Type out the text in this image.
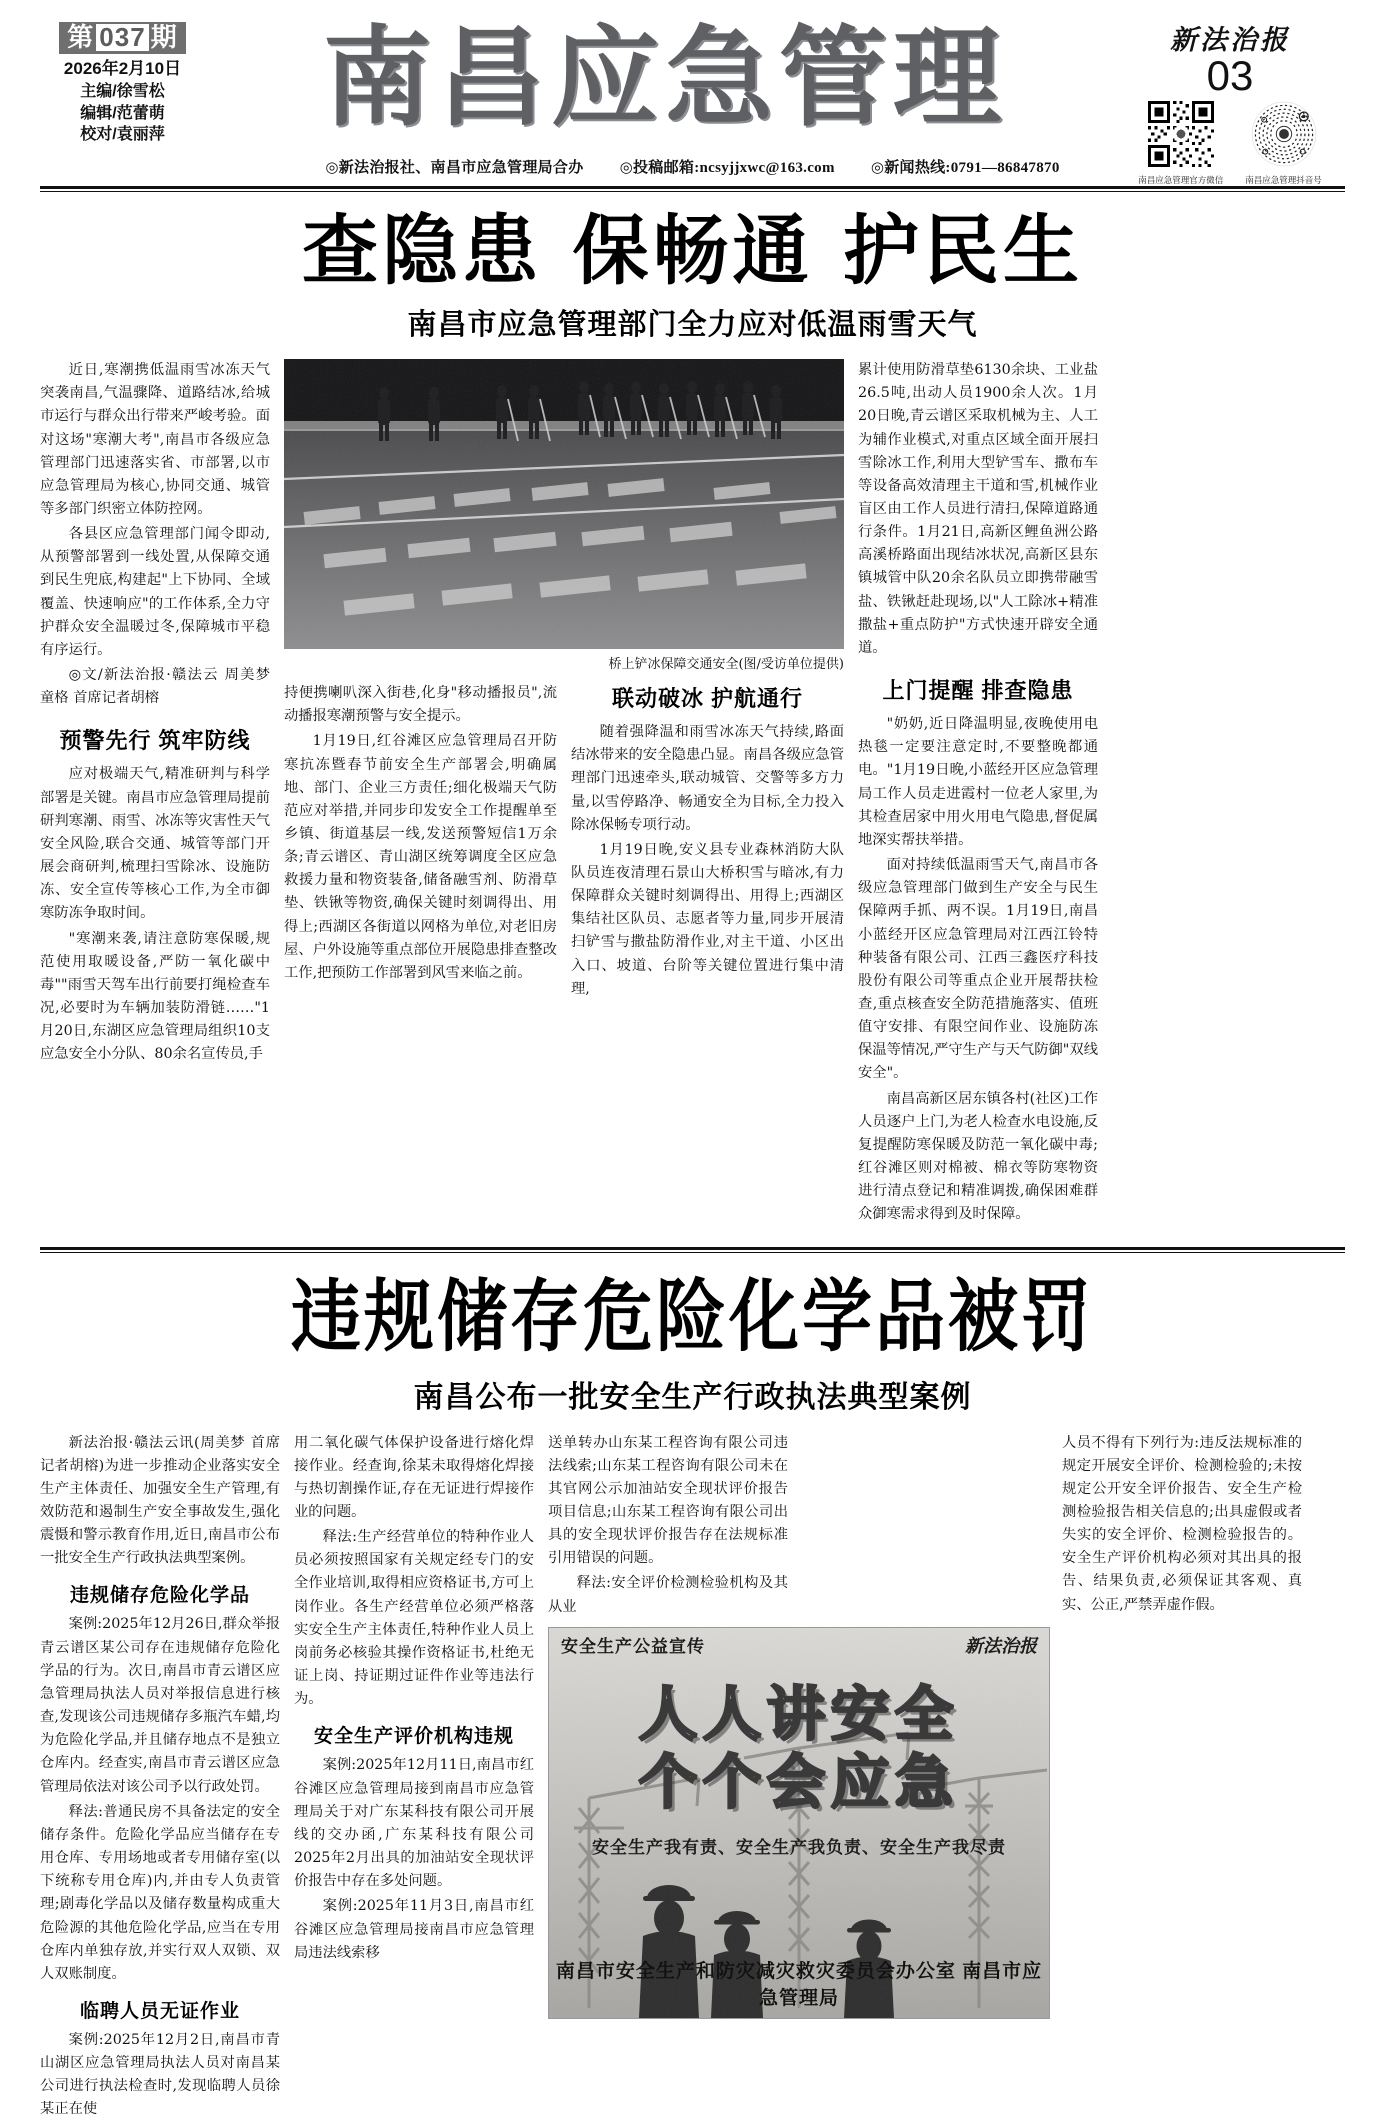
第 037 期
2026年2月10日
主编/徐雪松
编辑/范蕾萌
校对/袁丽萍	南昌应急管理	新法治报
03
南昌应急管理官方微信	南昌应急管理抖音号
◎新法治报社、南昌市应急管理局合办 ◎投稿邮箱:ncsyjjxwc@163.com ◎新闻热线:0791—86847870
查隐患 保畅通 护民生
南昌市应急管理部门全力应对低温雨雪天气

近日,寒潮携低温雨雪冰冻天气突袭南昌,气温骤降、道路结冰,给城市运行与群众出行带来严峻考验。面对这场"寒潮大考",南昌市各级应急管理部门迅速落实省、市部署,以市应急管理局为核心,协同交通、城管等多部门织密立体防控网。

各县区应急管理部门闻令即动,从预警部署到一线处置,从保障交通到民生兜底,构建起"上下协同、全域覆盖、快速响应"的工作体系,全力守护群众安全温暖过冬,保障城市平稳有序运行。

◎文/新法治报·赣法云 周美梦 童格 首席记者胡榕

预警先行 筑牢防线

应对极端天气,精准研判与科学部署是关键。南昌市应急管理局提前研判寒潮、雨雪、冰冻等灾害性天气安全风险,联合交通、城管等部门开展会商研判,梳理扫雪除冰、设施防冻、安全宣传等核心工作,为全市御寒防冻争取时间。

"寒潮来袭,请注意防寒保暖,规范使用取暖设备,严防一氧化碳中毒""雨雪天驾车出行前要打绳检查车况,必要时为车辆加装防滑链……"1月20日,东湖区应急管理局组织10支应急安全小分队、80余名宣传员,手

桥上铲冰保障交通安全(图/受访单位提供)

持便携喇叭深入街巷,化身"移动播报员",流动播报寒潮预警与安全提示。

1月19日,红谷滩区应急管理局召开防寒抗冻暨春节前安全生产部署会,明确属地、部门、企业三方责任;细化极端天气防范应对举措,并同步印发安全工作提醒单至乡镇、街道基层一线,发送预警短信1万余条;青云谱区、青山湖区统筹调度全区应急救援力量和物资装备,储备融雪剂、防滑草垫、铁锹等物资,确保关键时刻调得出、用得上;西湖区各街道以网格为单位,对老旧房屋、户外设施等重点部位开展隐患排查整改工作,把预防工作部署到风雪来临之前。

联动破冰 护航通行

随着强降温和雨雪冰冻天气持续,路面结冰带来的安全隐患凸显。南昌各级应急管理部门迅速牵头,联动城管、交警等多方力量,以雪停路净、畅通安全为目标,全力投入除冰保畅专项行动。

1月19日晚,安义县专业森林消防大队队员连夜清理石景山大桥积雪与暗冰,有力保障群众关键时刻调得出、用得上;西湖区集结社区队员、志愿者等力量,同步开展清扫铲雪与撒盐防滑作业,对主干道、小区出入口、坡道、台阶等关键位置进行集中清理,

累计使用防滑草垫6130余块、工业盐26.5吨,出动人员1900余人次。1月20日晚,青云谱区采取机械为主、人工为辅作业模式,对重点区域全面开展扫雪除冰工作,利用大型铲雪车、撒布车等设备高效清理主干道和雪,机械作业盲区由工作人员进行清扫,保障道路通行条件。1月21日,高新区鲤鱼洲公路高溪桥路面出现结冰状况,高新区县东镇城管中队20余名队员立即携带融雪盐、铁锹赶赴现场,以"人工除冰+精准撒盐+重点防护"方式快速开辟安全通道。

上门提醒 排查隐患

"奶奶,近日降温明显,夜晚使用电热毯一定要注意定时,不要整晚都通电。"1月19日晚,小蓝经开区应急管理局工作人员走进霞村一位老人家里,为其检查居家中用火用电气隐患,督促属地深实帮扶举措。

面对持续低温雨雪天气,南昌市各级应急管理部门做到生产安全与民生保障两手抓、两不误。1月19日,南昌小蓝经开区应急管理局对江西江铃特种装备有限公司、江西三鑫医疗科技股份有限公司等重点企业开展帮扶检查,重点核查安全防范措施落实、值班值守安排、有限空间作业、设施防冻保温等情况,严守生产与天气防御"双线安全"。

南昌高新区居东镇各村(社区)工作人员逐户上门,为老人检查水电设施,反复提醒防寒保暖及防范一氧化碳中毒;红谷滩区则对棉被、棉衣等防寒物资进行清点登记和精准调拨,确保困难群众御寒需求得到及时保障。

违规储存危险化学品被罚
南昌公布一批安全生产行政执法典型案例

新法治报·赣法云讯(周美梦 首席记者胡榕)为进一步推动企业落实安全生产主体责任、加强安全生产管理,有效防范和遏制生产安全事故发生,强化震慑和警示教育作用,近日,南昌市公布一批安全生产行政执法典型案例。

违规储存危险化学品

案例:2025年12月26日,群众举报青云谱区某公司存在违规储存危险化学品的行为。次日,南昌市青云谱区应急管理局执法人员对举报信息进行核查,发现该公司违规储存多瓶汽车蜡,均为危险化学品,并且储存地点不是独立仓库内。经查实,南昌市青云谱区应急管理局依法对该公司予以行政处罚。

释法:普通民房不具备法定的安全储存条件。危险化学品应当储存在专用仓库、专用场地或者专用储存室(以下统称专用仓库)内,并由专人负责管理;剧毒化学品以及储存数量构成重大危险源的其他危险化学品,应当在专用仓库内单独存放,并实行双人双锁、双人双账制度。

临聘人员无证作业

案例:2025年12月2日,南昌市青山湖区应急管理局执法人员对南昌某公司进行执法检查时,发现临聘人员徐某正在使

用二氧化碳气体保护设备进行熔化焊接作业。经查询,徐某未取得熔化焊接与热切割操作证,存在无证进行焊接作业的问题。

释法:生产经营单位的特种作业人员必须按照国家有关规定经专门的安全作业培训,取得相应资格证书,方可上岗作业。各生产经营单位必须严格落实安全生产主体责任,特种作业人员上岗前务必核验其操作资格证书,杜绝无证上岗、持证期过证件作业等违法行为。

安全生产评价机构违规

案例:2025年12月11日,南昌市红谷滩区应急管理局接到南昌市应急管理局关于对广东某科技有限公司开展线的交办函,广东某科技有限公司2025年2月出具的加油站安全现状评价报告中存在多处问题。

案例:2025年11月3日,南昌市红谷滩区应急管理局接南昌市应急管理局违法线索移

送单转办山东某工程咨询有限公司违法线索;山东某工程咨询有限公司未在其官网公示加油站安全现状评价报告项目信息;山东某工程咨询有限公司出具的安全现状评价报告存在法规标准引用错误的问题。

释法:安全评价检测检验机构及其从业

安全生产公益宣传	新法治报
人人讲安全
个个会应急
安全生产我有责、安全生产我负责、安全生产我尽责
南昌市安全生产和防灾减灾救灾委员会办公室 南昌市应急管理局

人员不得有下列行为:违反法规标准的规定开展安全评价、检测检验的;未按规定公开安全评价报告、安全生产检测检验报告相关信息的;出具虚假或者失实的安全评价、检测检验报告的。安全生产评价机构必须对其出具的报告、结果负责,必须保证其客观、真实、公正,严禁弄虚作假。
